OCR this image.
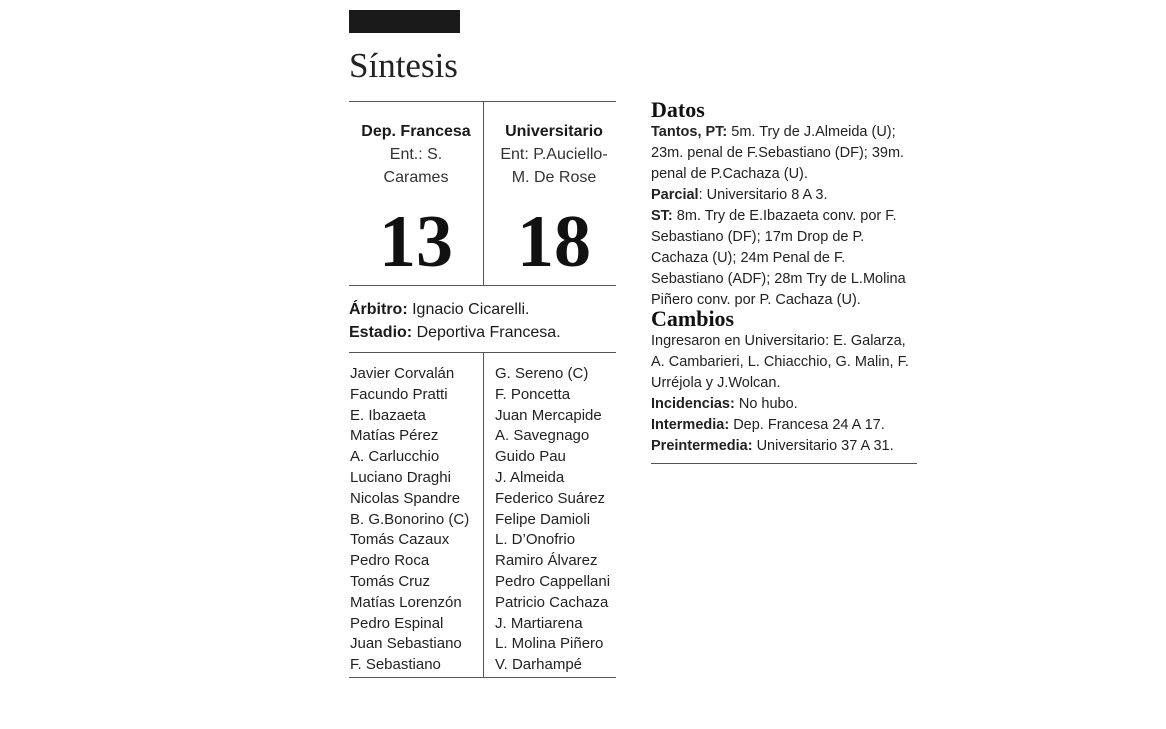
Síntesis
Dep. Francesa
Ent.: S.
Carames
13
Universitario
Ent: P.Auciello-
M. De Rose
18
Árbitro: Ignacio Cicarelli.
Estadio: Deportiva Francesa.
Javier Corvalán
Facundo Pratti
E. Ibazaeta
Matías Pérez
A. Carlucchio
Luciano Draghi
Nicolas Spandre
B. G.Bonorino (C)
Tomás Cazaux
Pedro Roca
Tomás Cruz
Matías Lorenzón
Pedro Espinal
Juan Sebastiano
F. Sebastiano
G. Sereno (C)
F. Poncetta
Juan Mercapide
A. Savegnago
Guido Pau
J. Almeida
Federico Suárez
Felipe Damioli
L. D’Onofrio
Ramiro Álvarez
Pedro Cappellani
Patricio Cachaza
J. Martiarena
L. Molina Piñero
V. Darhampé
Datos
Tantos, PT: 5m. Try de J.Almeida (U); 23m. penal de F.Sebastiano (DF); 39m. penal de P.Cachaza (U).
Parcial: Universitario 8 A 3.
ST: 8m. Try de E.Ibazaeta conv. por F. Sebastiano (DF); 17m Drop de P. Cachaza (U); 24m Penal de F. Sebastiano (ADF); 28m Try de L.Molina Piñero conv. por P. Cachaza (U).
Cambios
Ingresaron en Universitario: E. Galarza, A. Cambarieri, L. Chiacchio, G. Malin, F. Urréjola y J.Wolcan.
Incidencias: No hubo.
Intermedia: Dep. Francesa 24 A 17.
Preintermedia: Universitario 37 A 31.
